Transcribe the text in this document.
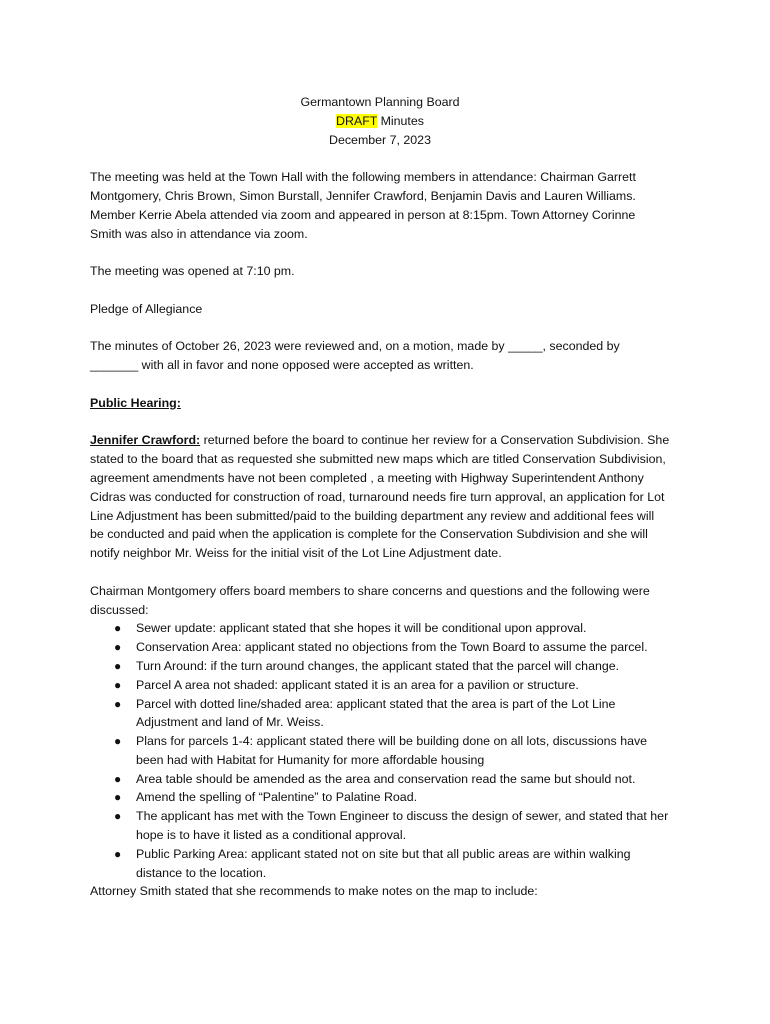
Germantown Planning Board
DRAFT Minutes
December 7, 2023

The meeting was held at the Town Hall with the following members in attendance: Chairman Garrett Montgomery, Chris Brown, Simon Burstall, Jennifer Crawford, Benjamin Davis and Lauren Williams. Member Kerrie Abela attended via zoom and appeared in person at 8:15pm. Town Attorney Corinne Smith was also in attendance via zoom.

The meeting was opened at 7:10 pm.

Pledge of Allegiance

The minutes of October 26, 2023 were reviewed and, on a motion, made by _____, seconded by _______ with all in favor and none opposed were accepted as written.

Public Hearing:

Jennifer Crawford: returned before the board to continue her review for a Conservation Subdivision. She stated to the board that as requested she submitted new maps which are titled Conservation Subdivision, agreement amendments have not been completed , a meeting with Highway Superintendent Anthony Cidras was conducted for construction of road, turnaround needs fire turn approval, an application for Lot Line Adjustment has been submitted/paid to the building department any review and additional fees will be conducted and paid when the application is complete for the Conservation Subdivision and she will notify neighbor Mr. Weiss for the initial visit of the Lot Line Adjustment date.

Chairman Montgomery offers board members to share concerns and questions and the following were discussed:

● Sewer update: applicant stated that she hopes it will be conditional upon approval.
● Conservation Area: applicant stated no objections from the Town Board to assume the parcel.
● Turn Around: if the turn around changes, the applicant stated that the parcel will change.
● Parcel A area not shaded: applicant stated it is an area for a pavilion or structure.
● Parcel with dotted line/shaded area: applicant stated that the area is part of the Lot Line Adjustment and land of Mr. Weiss.
● Plans for parcels 1-4: applicant stated there will be building done on all lots, discussions have been had with Habitat for Humanity for more affordable housing
● Area table should be amended as the area and conservation read the same but should not.
● Amend the spelling of “Palentine” to Palatine Road.
● The applicant has met with the Town Engineer to discuss the design of sewer, and stated that her hope is to have it listed as a conditional approval.
● Public Parking Area: applicant stated not on site but that all public areas are within walking distance to the location.

Attorney Smith stated that she recommends to make notes on the map to include:
